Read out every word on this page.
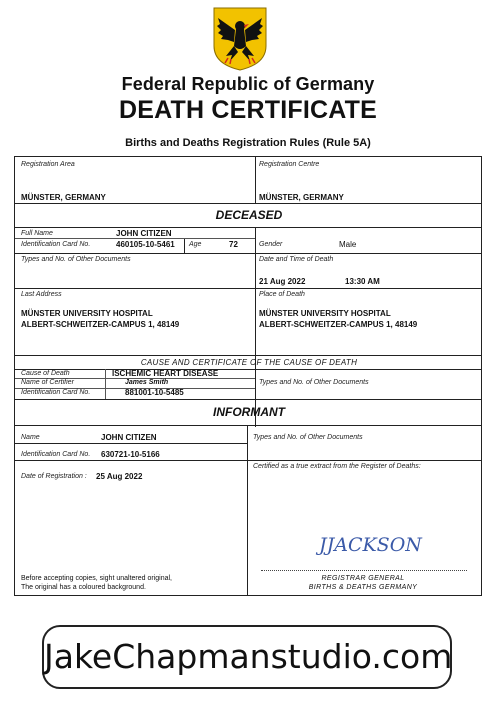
Federal Republic of Germany
DEATH CERTIFICATE
Births and Deaths Registration Rules (Rule 5A)
Registration Area
MÜNSTER, GERMANY
Registration Centre
MÜNSTER, GERMANY
DECEASED
Full Name	JOHN CITIZEN
Identification Card No.	460105-10-5461 Age	72	Gender	Male
Types and No. of Other Documents	Date and Time of Death
21 Aug 2022	13:30 AM
Last Address
MÜNSTER UNIVERSITY HOSPITAL
ALBERT-SCHWEITZER-CAMPUS 1, 48149
Place of Death
MÜNSTER UNIVERSITY HOSPITAL
ALBERT-SCHWEITZER-CAMPUS 1, 48149
CAUSE AND CERTIFICATE OF THE CAUSE OF DEATH
Cause of Death	ISCHEMIC HEART DISEASE
Name of Certifier	James Smith
Identification Card No.	881001-10-5485
Types and No. of Other Documents
INFORMANT
Name	JOHN CITIZEN	Types and No. of Other Documents
Identification Card No. 630721-10-5166
Date of Registration : 25 Aug 2022
Certified as a true extract from the Register of Deaths:
JJACKSON
REGISTRAR GENERAL
BIRTHS & DEATHS GERMANY
Before accepting copies, sight unaltered original,
The original has a coloured background.
JakeChapmanstudio.com
